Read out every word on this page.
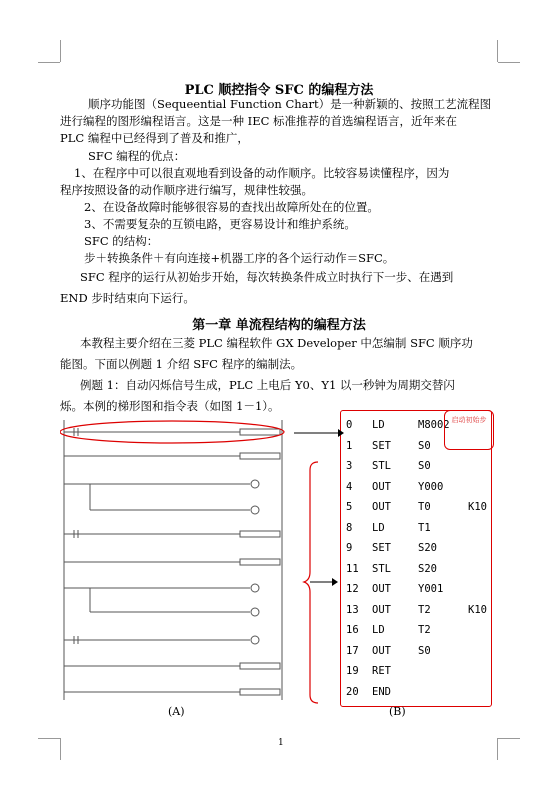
PLC 顺控指令 SFC 的编程方法
顺序功能图（Sequeential Function Chart）是一种新颖的、按照工艺流程图
进行编程的图形编程语言。这是一种 IEC 标准推荐的首选编程语言，近年来在
PLC 编程中已经得到了普及和推广，
SFC 编程的优点：
1、在程序中可以很直观地看到设备的动作顺序。比较容易读懂程序，因为
程序按照设备的动作顺序进行编写，规律性较强。
2、在设备故障时能够很容易的查找出故障所处在的位置。
3、不需要复杂的互锁电路，更容易设计和维护系统。
SFC 的结构：
步＋转换条件＋有向连接+机器工序的各个运行动作＝SFC。
SFC 程序的运行从初始步开始，每次转换条件成立时执行下一步、在遇到
END 步时结束向下运行。
第一章 单流程结构的编程方法
本教程主要介绍在三菱 PLC 编程软件 GX Developer 中怎编制 SFC 顺序功
能图。下面以例题 1 介绍 SFC 程序的编制法。
例题 1：自动闪烁信号生成，PLC 上电后 Y0、Y1 以一秒钟为周期交替闪
烁。本例的梯形图和指令表（如图 1－1）。
0	LD	M8002	
1	SET	S0	
3	STL	S0	
4	OUT	Y000	
5	OUT	T0	K10
8	LD	T1	
9	SET	S20	
11	STL	S20	
12	OUT	Y001	
13	OUT	T2	K10
16	LD	T2	
17	OUT	S0	
19	RET		
20	END		
启动初始步
(A)	(B)
1
